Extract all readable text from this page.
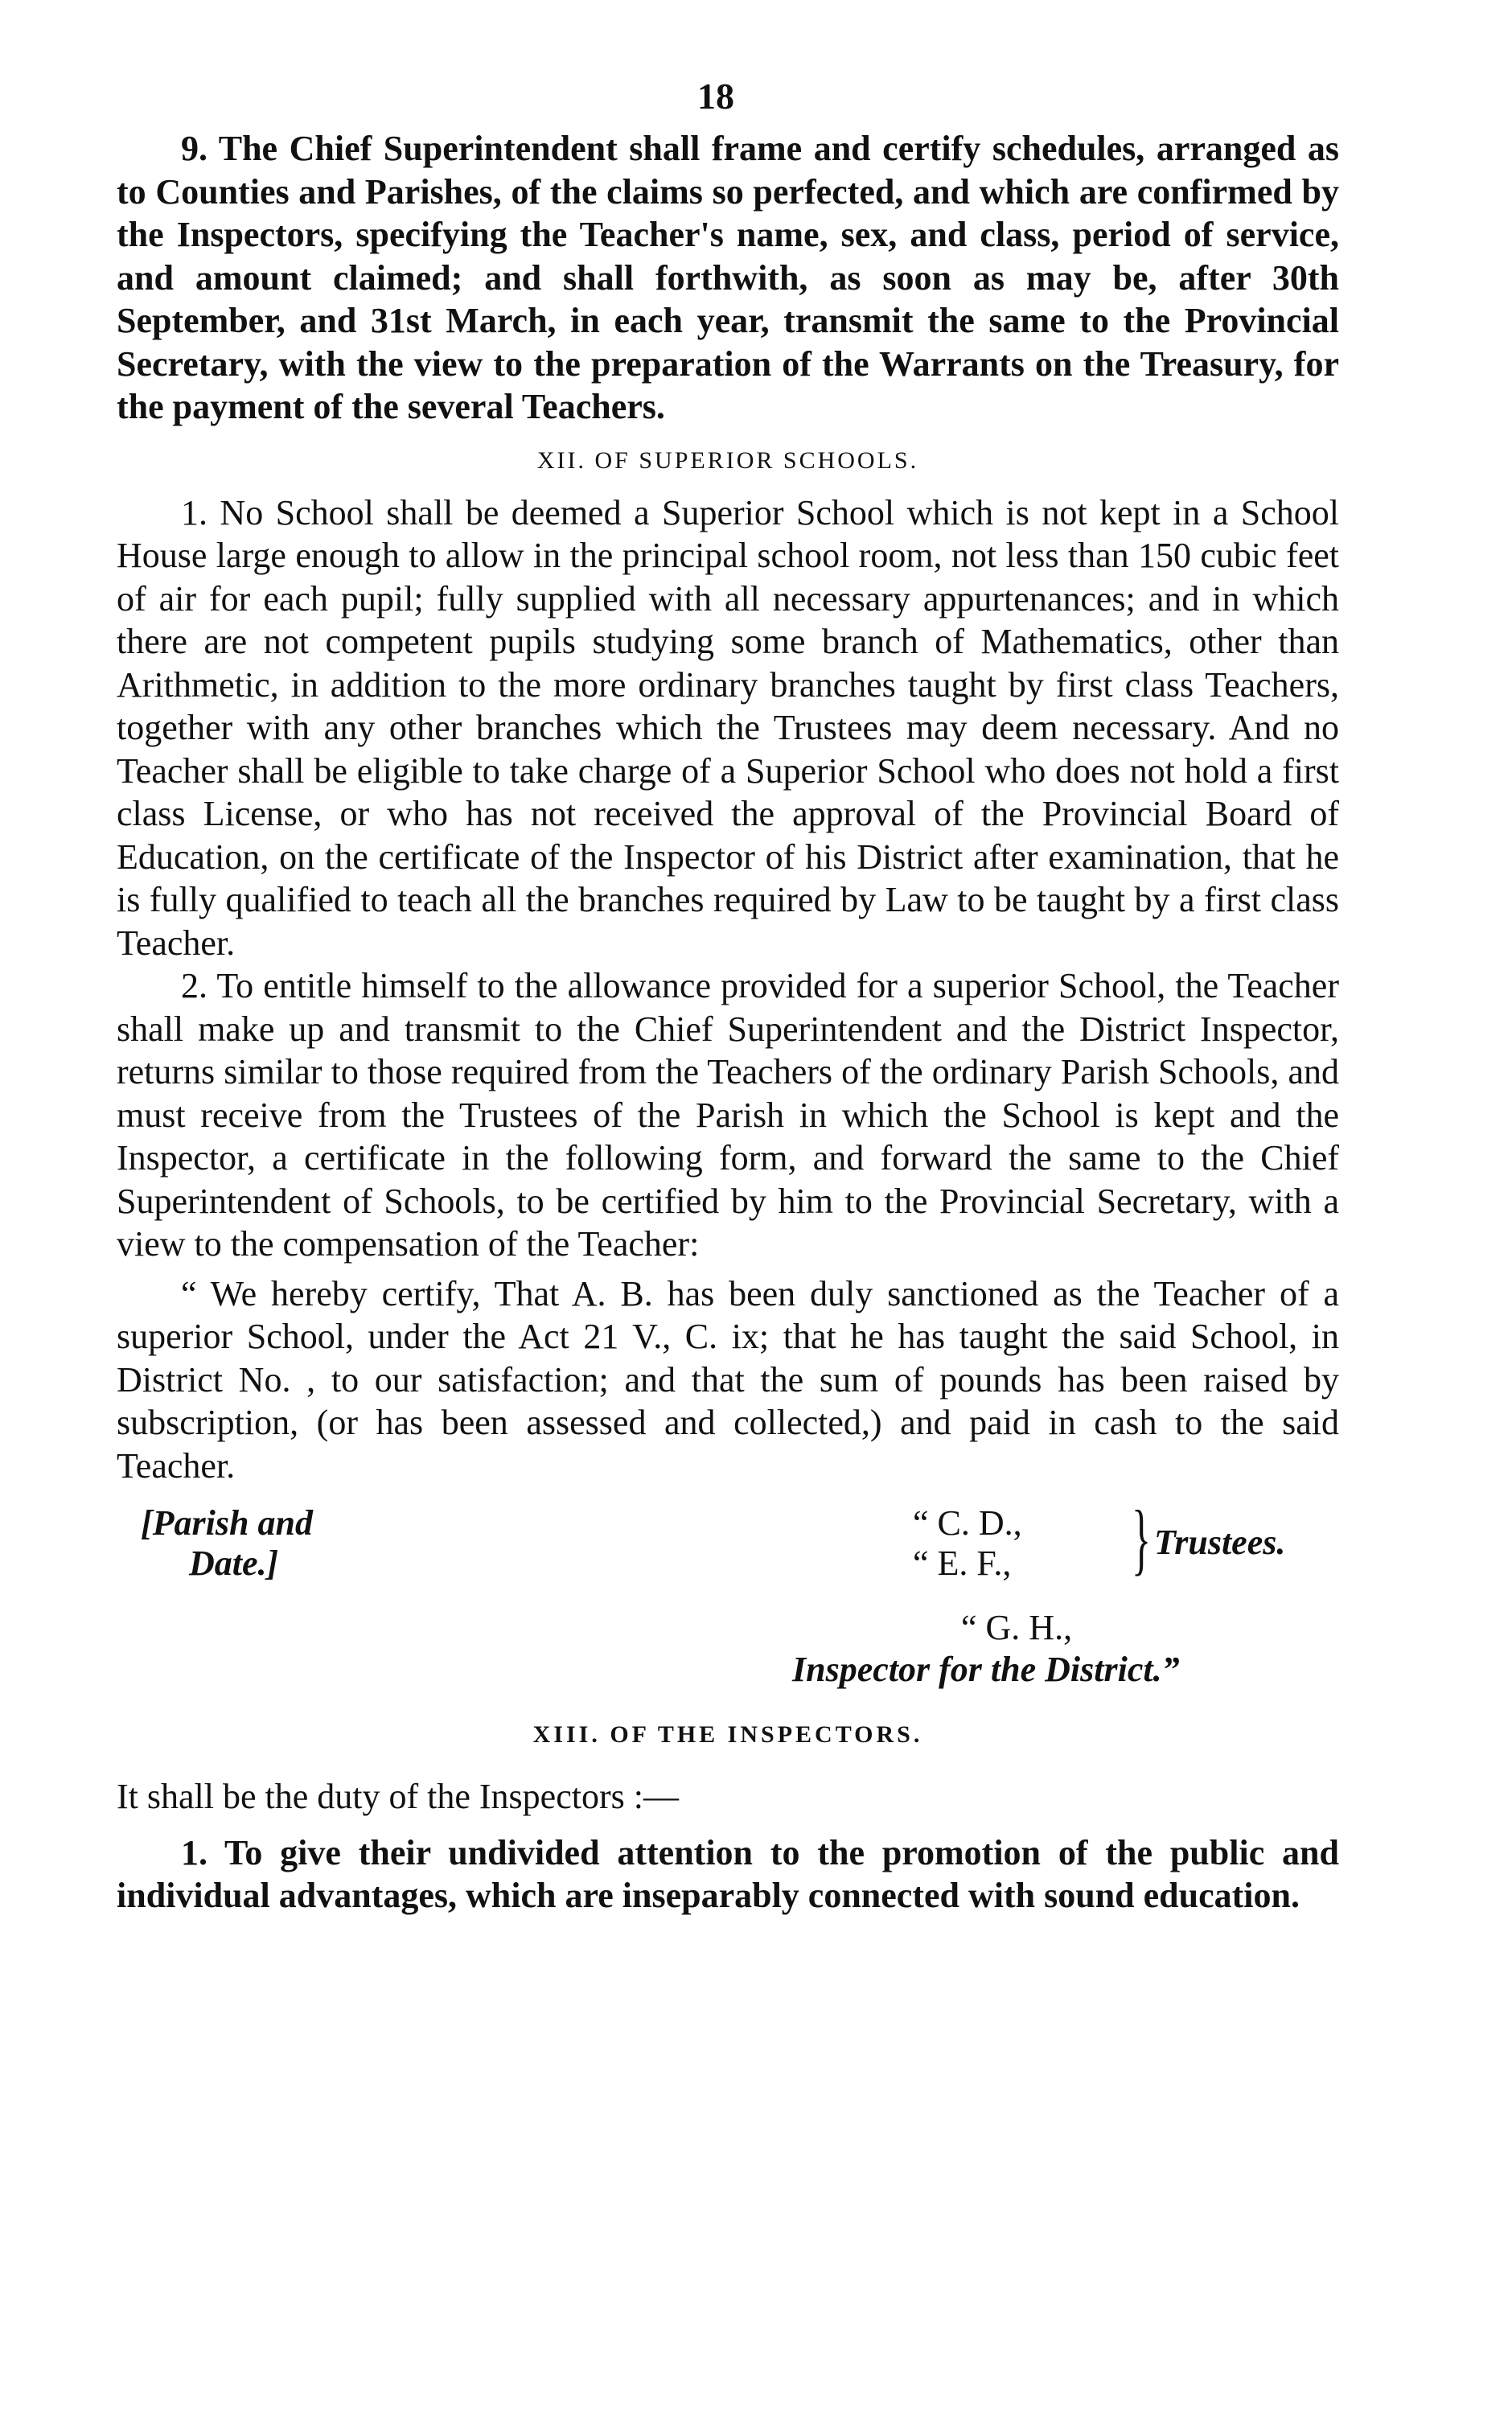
18

9. The Chief Superintendent shall frame and certify schedules, arranged as to Counties and Parishes, of the claims so perfected, and which are confirmed by the Inspectors, specifying the Teacher's name, sex, and class, period of service, and amount claimed; and shall forthwith, as soon as may be, after 30th September, and 31st March, in each year, transmit the same to the Provincial Secretary, with the view to the preparation of the Warrants on the Treasury, for the payment of the several Teachers.

XII. OF SUPERIOR SCHOOLS.

1. No School shall be deemed a Superior School which is not kept in a School House large enough to allow in the principal school room, not less than 150 cubic feet of air for each pupil; fully supplied with all necessary appurtenances; and in which there are not competent pupils studying some branch of Mathematics, other than Arithmetic, in addition to the more ordinary branches taught by first class Teachers, together with any other branches which the Trustees may deem necessary. And no Teacher shall be eligible to take charge of a Superior School who does not hold a first class License, or who has not received the approval of the Provincial Board of Education, on the certificate of the Inspector of his District after examination, that he is fully qualified to teach all the branches required by Law to be taught by a first class Teacher.

2. To entitle himself to the allowance provided for a superior School, the Teacher shall make up and transmit to the Chief Superintendent and the District Inspector, returns similar to those required from the Teachers of the ordinary Parish Schools, and must receive from the Trustees of the Parish in which the School is kept and the Inspector, a certificate in the following form, and forward the same to the Chief Superintendent of Schools, to be certified by him to the Provincial Secretary, with a view to the compensation of the Teacher:

“ We hereby certify, That A. B. has been duly sanctioned as the Teacher of a superior School, under the Act 21 V., C. ix; that he has taught the said School, in District No. , to our satisfaction; and that the sum of pounds has been raised by subscription, (or has been assessed and collected,) and paid in cash to the said Teacher.

[Parish and
Date.]
“ C. D.,
“ E. F., } Trustees.
“ G. H.,
Inspector for the District.”

XIII. OF THE INSPECTORS.

It shall be the duty of the Inspectors :—

1. To give their undivided attention to the promotion of the public and individual advantages, which are inseparably connected with sound education.
